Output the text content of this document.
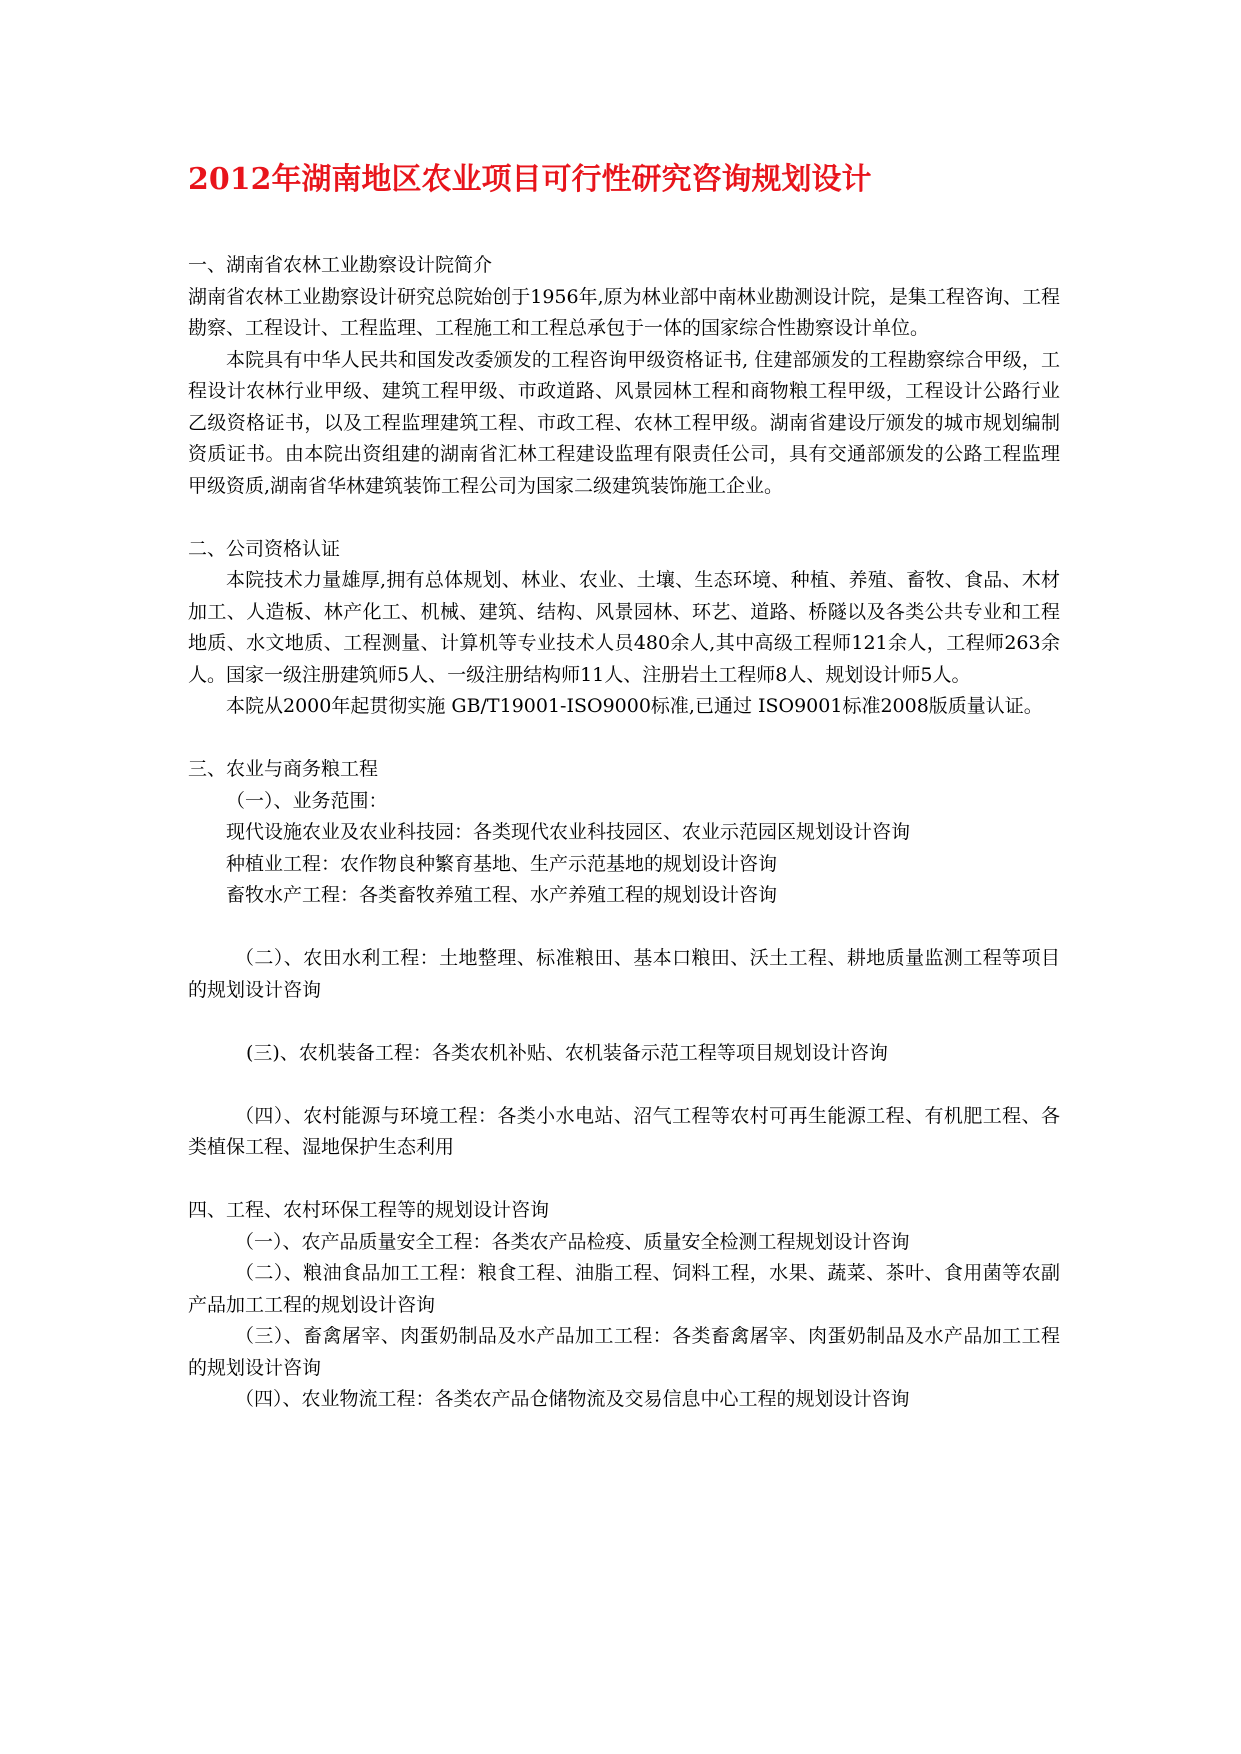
2012年湖南地区农业项目可行性研究咨询规划设计

一、湖南省农林工业勘察设计院简介

湖南省农林工业勘察设计研究总院始创于1956年,原为林业部中南林业勘测设计院，是集工程咨询、工程勘察、工程设计、工程监理、工程施工和工程总承包于一体的国家综合性勘察设计单位。

本院具有中华人民共和国发改委颁发的工程咨询甲级资格证书, 住建部颁发的工程勘察综合甲级，工程设计农林行业甲级、建筑工程甲级、市政道路、风景园林工程和商物粮工程甲级，工程设计公路行业乙级资格证书，以及工程监理建筑工程、市政工程、农林工程甲级。湖南省建设厅颁发的城市规划编制资质证书。由本院出资组建的湖南省汇林工程建设监理有限责任公司，具有交通部颁发的公路工程监理甲级资质,湖南省华林建筑装饰工程公司为国家二级建筑装饰施工企业。

二、公司资格认证

本院技术力量雄厚,拥有总体规划、林业、农业、土壤、生态环境、种植、养殖、畜牧、食品、木材加工、人造板、林产化工、机械、建筑、结构、风景园林、环艺、道路、桥隧以及各类公共专业和工程地质、水文地质、工程测量、计算机等专业技术人员480余人,其中高级工程师121余人，工程师263余人。国家一级注册建筑师5人、一级注册结构师11人、注册岩土工程师8人、规划设计师5人。

本院从2000年起贯彻实施 GB/T19001-ISO9000标准,已通过 ISO9001标准2008版质量认证。

三、农业与商务粮工程

（一）、业务范围：

现代设施农业及农业科技园：各类现代农业科技园区、农业示范园区规划设计咨询

种植业工程：农作物良种繁育基地、生产示范基地的规划设计咨询

畜牧水产工程：各类畜牧养殖工程、水产养殖工程的规划设计咨询

（二）、农田水利工程：土地整理、标准粮田、基本口粮田、沃土工程、耕地质量监测工程等项目的规划设计咨询

(三)、农机装备工程：各类农机补贴、农机装备示范工程等项目规划设计咨询

（四）、农村能源与环境工程：各类小水电站、沼气工程等农村可再生能源工程、有机肥工程、各类植保工程、湿地保护生态利用

四、工程、农村环保工程等的规划设计咨询

（一）、农产品质量安全工程：各类农产品检疫、质量安全检测工程规划设计咨询

（二）、粮油食品加工工程：粮食工程、油脂工程、饲料工程，水果、蔬菜、茶叶、食用菌等农副产品加工工程的规划设计咨询

（三）、畜禽屠宰、肉蛋奶制品及水产品加工工程：各类畜禽屠宰、肉蛋奶制品及水产品加工工程的规划设计咨询

（四）、农业物流工程：各类农产品仓储物流及交易信息中心工程的规划设计咨询
